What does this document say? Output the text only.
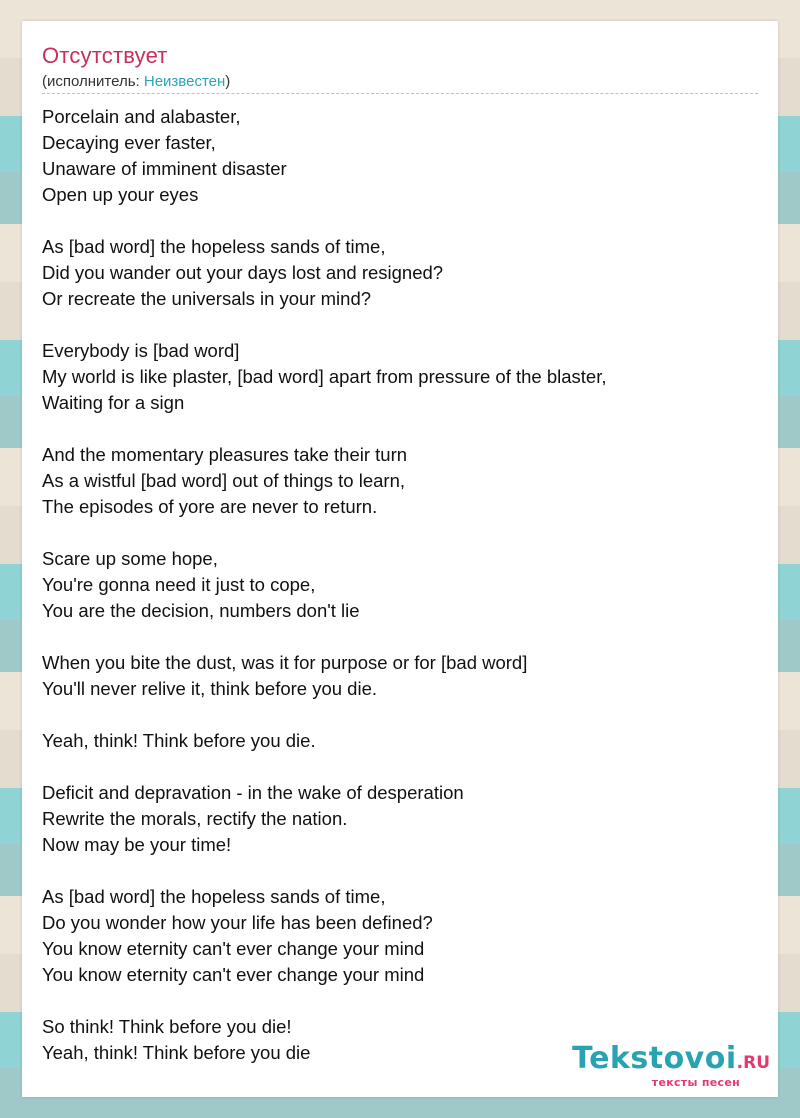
Отсутствует
(исполнитель: Неизвестен)
Porcelain and alabaster,
Decaying ever faster,
Unaware of imminent disaster
Open up your eyes
As [bad word] the hopeless sands of time,
Did you wander out your days lost and resigned?
Or recreate the universals in your mind?
Everybody is [bad word]
My world is like plaster, [bad word] apart from pressure of the blaster,
Waiting for a sign
And the momentary pleasures take their turn
As a wistful [bad word] out of things to learn,
The episodes of yore are never to return.
Scare up some hope,
You're gonna need it just to cope,
You are the decision, numbers don't lie
When you bite the dust, was it for purpose or for [bad word]
You'll never relive it, think before you die.
Yeah, think! Think before you die.
Deficit and depravation - in the wake of desperation
Rewrite the morals, rectify the nation.
Now may be your time!
As [bad word] the hopeless sands of time,
Do you wonder how your life has been defined?
You know eternity can't ever change your mind
You know eternity can't ever change your mind
So think! Think before you die!
Yeah, think! Think before you die	Tekstovoi.RU
тексты песен
